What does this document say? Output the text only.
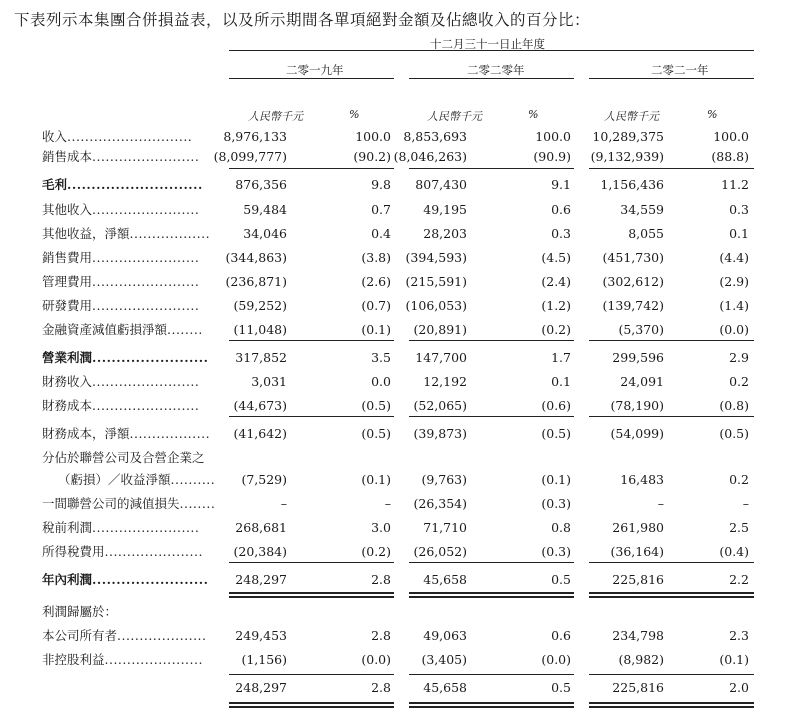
下表列示本集團合併損益表，以及所示期間各單項絕對金額及佔總收入的百分比：
十二月三十一日止年度
二零一九年	二零二零年	二零二一年
人民幣千元	%	人民幣千元	%	人民幣千元	%
收入............................ 8,976,133	100.0 8,853,693	100.0 10,289,375	100.0
銷售成本........................ (8,099,777)	(90.2) (8,046,263)	(90.9) (9,132,939)	(88.8)
毛利............................	876,356	9.8 807,430	9.1 1,156,436	11.2
其他收入........................	59,484	0.7	49,195	0.6	34,559	0.3
其他收益，淨額..................	34,046	0.4	28,203	0.3	8,055	0.1
銷售費用........................ (344,863)	(3.8) (394,593)	(4.5)	(451,730)	(4.4)
管理費用........................ (236,871)	(2.6) (215,591)	(2.4)	(302,612)	(2.9)
研發費用........................	(59,252)	(0.7) (106,053)	(1.2)	(139,742)	(1.4)
金融資產減值虧損淨額........ (11,048)	(0.1) (20,891)	(0.2)	(5,370)	(0.0)
營業利潤........................ 317,852	3.5 147,700	1.7	299,596	2.9
財務收入........................	3,031	0.0	12,192	0.1	24,091	0.2
財務成本........................	(44,673)	(0.5) (52,065)	(0.6)	(78,190)	(0.8)
財務成本，淨額.................. (41,642)	(0.5) (39,873)	(0.5)	(54,099)	(0.5)
分佔於聯營公司及合營企業之
（虧損）／收益淨額.......... (7,529)	(0.1) (9,763)	(0.1)	16,483	0.2
一間聯營公司的減值損失........	–	– (26,354)	(0.3)	–	–
稅前利潤........................	268,681	3.0	71,710	0.8	261,980	2.5
所得稅費用...................... (20,384)	(0.2) (26,052)	(0.3)	(36,164)	(0.4)
年內利潤........................ 248,297	2.8	45,658	0.5	225,816	2.2
利潤歸屬於：
本公司所有者.................... 249,453	2.8	49,063	0.6	234,798	2.3
非控股利益......................	(1,156)	(0.0) (3,405)	(0.0)	(8,982)	(0.1)
248,297	2.8	45,658	0.5	225,816	2.0
